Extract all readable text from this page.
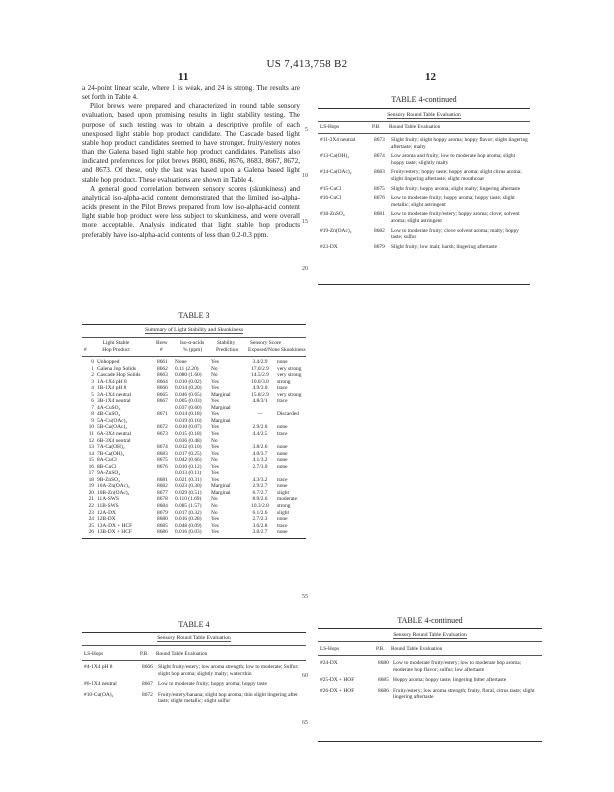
US 7,413,758 B2
11	12

a 24-point linear scale, where 1 is weak, and 24 is strong. The results are set forth in Table 4.

Pilot brews were prepared and characterized in round table sensory evaluation, based upon promising results in light stability testing. The purpose of such testing was to obtain a descriptive profile of each unexposed light stable hop product candidate. The Cascade based light stable hop product candidates seemed to have stronger, fruity/estery notes than the Galena based light stable hop product candidates. Panelists also indicated preferences for pilot brews 8680, 8686, 8676, 8683, 8667, 8672, and 8673. Of these, only the last was based upon a Galena based light stable hop product. These evaluations are shown in Table 4.

A general good correlation between sensory scores (skunkiness) and analytical iso-alpha-acid content demonstrated that the limited iso-alpha-acids present in the Pilot Brews prepared from low iso-alpha-acid content light stable hop product were less subject to skunkiness, and were overall more acceptable. Analysis indicated that light stable hop products preferably have iso-alpha-acid contents of less than 0.2-0.3 ppm.

5
10
15
20
55
60
65
TABLE 4-continued
Sensory Round Table Evaluation
LS-Hops	P.B. Round Table Evaluation
#11-3X4 neutral	8673	Slight fruity; slight hoppy aroma; hoppy flavor; slight lingering aftertaste; malty
#13-Ca(OH)₂	8674	Low aroma and fruity; low to moderate hop aroma; slight hoppy taste; slightly malty
#14-Ca(OAc)₂	8683	Fruity/estery; hoppy taste; hoppy aroma; slight citrus aroma; slight lingering aftertaste; slight mouthcoat
#15-CuCl	8675	Slight fruity; hoppy aroma; slight malty; lingering aftertaste
#16-CuCl	8676	Low to moderate fruity; hoppy aroma; hoppy taste; slight metallic; slight astringent
#18-ZnSO₄	8681	Low to moderate fruity/estery; hoppy aroma; clove; solvent aroma; slight astringent
#19-Zn(OAc)₂	8682	Low to moderate fruity; clove solvent aroma; malty; hoppy taste; sulfur
#23-DX	8679	Slight fruity; low malt; harsh; lingering aftertaste
TABLE 3
Summary of Light Stability and Skunkiness
Light Stable
Hop Product
#
Brew
#
Iso-α-acids
% (ppm)
Stability
Prediction
Sensory Score
Exposed/None Skunkiness
0	Unhopped	8661	None	Yes	3.4/2.9	none
1	Galena Jop Solids	8662	0.11 (2.20)	No	17.0/2.9	very strong
2	Cascade Hop Solids	8663	0.080 (1.60)	No	14.5/2.9	very strong
3	1A-1X4 pH 8	8664	0.010 (0.02)	Yes	10.0/3.0	strong
4	1B-1X4 pH 8	8666	0.014 (0.20)	Yes	4.9/3.0	trace
5	3A-1X4 neutral	8665	0.046 (0.65)	Marginal	15.8/2.9	very strong
6	3B-1X4 neutral	8667	0.005 (0.03)	Yes	4.8/3/1	trace
7	4A-CuSO₄		0.037 (0.60)	Marginal		
8	4B-CuSO₄	8671	0.014 (0.18)	Yes	—	Discarded
9	5A-Cu(OAc)₂		0.019 (0.16)	Marginal		
10	5B-Cu(OAc)₂	8672	0.010 (0.07)	Yes	2.9/2.6	none
11	6A-3X4 neutral	8673	0.015 (0.18)	Yes	4.4/2.5	trace
12	6B-3X4 neutral		0.036 (0.48)	No		
13	7A-Ca(OH)₂	8674	0.012 (0.10)	Yes	3.8/2.6	none
14	7B-Ca(OH)₂	8683	0.017 (0.25)	Yes	4.0/3.7	none
15	8A-CuCl	8675	0.042 (0.66)	No	4.1/3.2	none
16	8B-CuCl	8676	0.010 (0.12)	Yes	2.7/3.0	none
17	9A-ZnSO₄		0.013 (0.11)	Yes		
18	9B-ZnSO₄	8681	0.021 (0.31)	Yes	4.3/3.2	trace
19	10A-Zn(OAc)₂	8682	0.023 (0.30)	Marginal	2.9/2.7	none
20	10B-Zn(OAc)₂	8677	0.029 (0.51)	Marginal	6.7/2.7	slight
21	11A-SWS	8678	0.110 (1.69)	No	8.9/2.6	moderate
22	11B-SWS	8684	0.085 (1.57)	No	10.3/2.8	strong
23	12A-DX	8679	0.017 (0.32)	No	6.1/2.6	slight
24	12B-DX	8680	0.016 (0.28)	Yes	2.7/2.3	none
25	13A-DX + HCF	8685	0.048 (0.09)	Yes	3.6/2.8	trace
26	13B-DX + HCF	8686	0.016 (0.03)	Yes	3.0/2.7	none
TABLE 4
Sensory Round Table Evaluation
LS-Hops	P.B. Round Table Evaluation
#4-1X4 pH 8	8666 Slight fruity/estery; low aroma strength; low to moderate; Sulfur; slight hop aroma; slightly malty; water/thin
#6-1X4 neutral	8667 Low to moderate fruity; hoppy aroma; hoppy taste
#10-Cu(OA)₂	8672 Fruity/estery/banana; slight hop aroma; thin slight lingering after taste; slight metallic; slight sulfur
TABLE 4-continued
Sensory Round Table Evaluation
LS-Hops	P.B. Round Table Evaluation
#24-DX	8680 Low to moderate fruity/estery; low to moderate hop aroma; moderate hop flavor; sulfur; low aftertaste
#25-DX + HOF	8685 Hoppy aroma; hoppy taste; lingering bitter aftertaste
#26-DX + HOF	8686 Fruity/estery; low aroma strength; fruity, floral, citrus taste; slight lingering aftertaste
